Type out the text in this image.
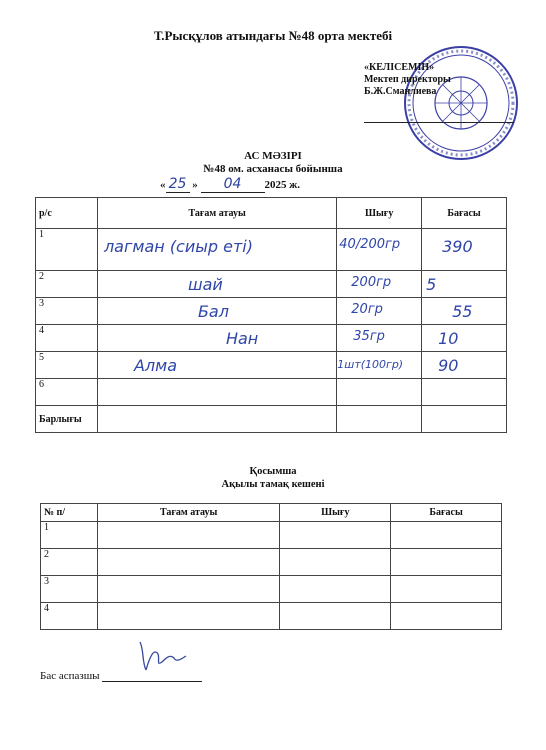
Т.Рысқұлов атындағы №48 орта мектебі
«КЕЛІСЕМІН»
Мектеп директоры
Б.Ж.Сманлиева
АС МӘЗІРІ
№48 ом. асханасы бойынша
« 25 » 04 2025 ж.
р/с	Тағам атауы	Шығу	Бағасы
1	лагман (сиыр еті)	40/200гр	390

2	шай	200гр	5

3	Бал	20гр	55

4	Нан	35гр	10

5	Алма	1шт(100гр)	90

6			
Барлығы			
Қосымша
Ақылы тамақ кешені
№ п/	Тағам атауы	Шығу	Бағасы
1			
2			
3			
4			
Бас аспазшы
